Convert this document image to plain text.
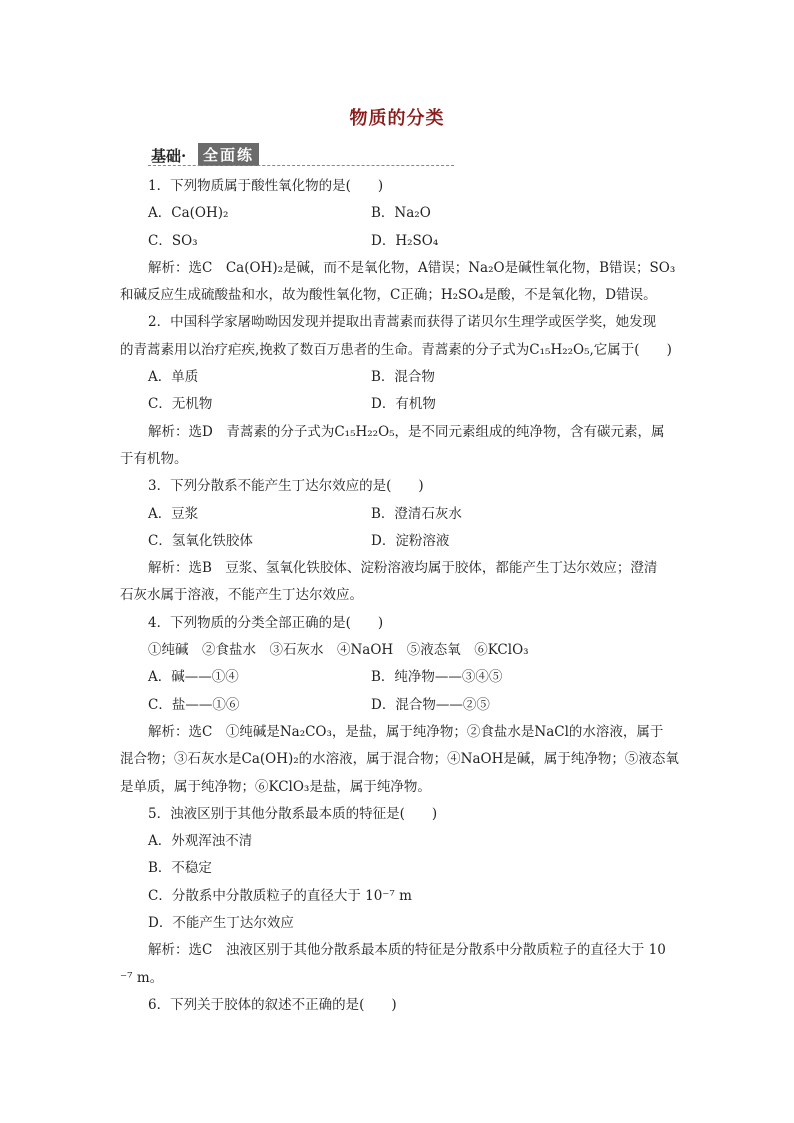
物质的分类
基础·	全面练
1．下列物质属于酸性氧化物的是(　　)
A．Ca(OH)₂	B．Na₂O
C．SO₃	D．H₂SO₄
解析：选C　Ca(OH)₂是碱，而不是氧化物，A错误；Na₂O是碱性氧化物，B错误；SO₃
和碱反应生成硫酸盐和水，故为酸性氧化物，C正确；H₂SO₄是酸，不是氧化物，D错误。
2．中国科学家屠呦呦因发现并提取出青蒿素而获得了诺贝尔生理学或医学奖，她发现
的青蒿素用以治疗疟疾,挽救了数百万患者的生命。青蒿素的分子式为C₁₅H₂₂O₅,它属于(　　)
A．单质	B．混合物
C．无机物	D．有机物
解析：选D　青蒿素的分子式为C₁₅H₂₂O₅，是不同元素组成的纯净物，含有碳元素，属
于有机物。
3．下列分散系不能产生丁达尔效应的是(　　)
A．豆浆	B．澄清石灰水
C．氢氧化铁胶体	D．淀粉溶液
解析：选B　豆浆、氢氧化铁胶体、淀粉溶液均属于胶体，都能产生丁达尔效应；澄清
石灰水属于溶液，不能产生丁达尔效应。
4．下列物质的分类全部正确的是(　　)
①纯碱　②食盐水　③石灰水　④NaOH　⑤液态氧　⑥KClO₃
A．碱——①④	B．纯净物——③④⑤
C．盐——①⑥	D．混合物——②⑤
解析：选C　①纯碱是Na₂CO₃，是盐，属于纯净物；②食盐水是NaCl的水溶液，属于
混合物；③石灰水是Ca(OH)₂的水溶液，属于混合物；④NaOH是碱，属于纯净物；⑤液态氧
是单质，属于纯净物；⑥KClO₃是盐，属于纯净物。
5．浊液区别于其他分散系最本质的特征是(　　)
A．外观浑浊不清
B．不稳定
C．分散系中分散质粒子的直径大于 10⁻⁷ m
D．不能产生丁达尔效应
解析：选C　浊液区别于其他分散系最本质的特征是分散系中分散质粒子的直径大于 10
⁻⁷ m。
6．下列关于胶体的叙述不正确的是(　　)
